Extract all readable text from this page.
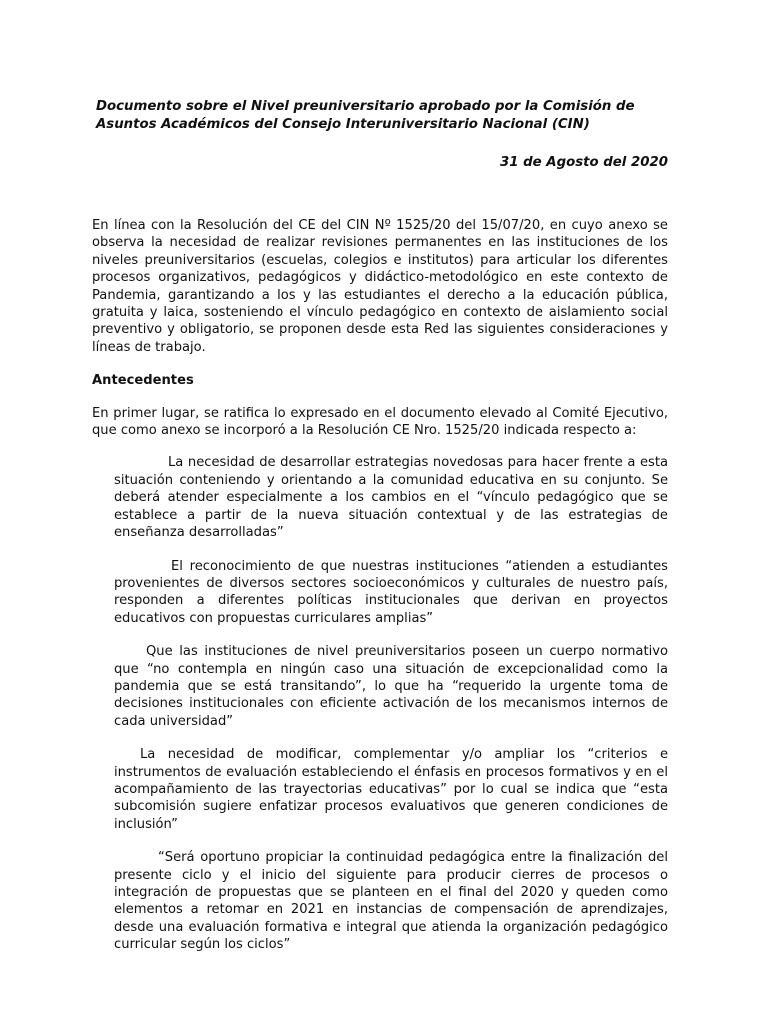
Documento sobre el Nivel preuniversitario aprobado por la Comisión de Asuntos Académicos del Consejo Interuniversitario Nacional (CIN)

31 de Agosto del 2020

En línea con la Resolución del CE del CIN Nº 1525/20 del 15/07/20, en cuyo anexo se observa la necesidad de realizar revisiones permanentes en las instituciones de los niveles preuniversitarios (escuelas, colegios e institutos) para articular los diferentes procesos organizativos, pedagógicos y didáctico-metodológico en este contexto de Pandemia, garantizando a los y las estudiantes el derecho a la educación pública, gratuita y laica, sosteniendo el vínculo pedagógico en contexto de aislamiento social preventivo y obligatorio, se proponen desde esta Red las siguientes consideraciones y líneas de trabajo.

Antecedentes

En primer lugar, se ratifica lo expresado en el documento elevado al Comité Ejecutivo, que como anexo se incorporó a la Resolución CE Nro. 1525/20 indicada respecto a:

La necesidad de desarrollar estrategias novedosas para hacer frente a esta situación conteniendo y orientando a la comunidad educativa en su conjunto. Se deberá atender especialmente a los cambios en el “vínculo pedagógico que se establece a partir de la nueva situación contextual y de las estrategias de enseñanza desarrolladas”

El reconocimiento de que nuestras instituciones “atienden a estudiantes provenientes de diversos sectores socioeconómicos y culturales de nuestro país, responden a diferentes políticas institucionales que derivan en proyectos educativos con propuestas curriculares amplias”

Que las instituciones de nivel preuniversitarios poseen un cuerpo normativo que “no contempla en ningún caso una situación de excepcionalidad como la pandemia que se está transitando”, lo que ha “requerido la urgente toma de decisiones institucionales con eficiente activación de los mecanismos internos de cada universidad”

La necesidad de modificar, complementar y/o ampliar los “criterios e instrumentos de evaluación estableciendo el énfasis en procesos formativos y en el acompañamiento de las trayectorias educativas” por lo cual se indica que “esta subcomisión sugiere enfatizar procesos evaluativos que generen condiciones de inclusión”

“Será oportuno propiciar la continuidad pedagógica entre la finalización del presente ciclo y el inicio del siguiente para producir cierres de procesos o integración de propuestas que se planteen en el final del 2020 y queden como elementos a retomar en 2021 en instancias de compensación de aprendizajes, desde una evaluación formativa e integral que atienda la organización pedagógico curricular según los ciclos”
